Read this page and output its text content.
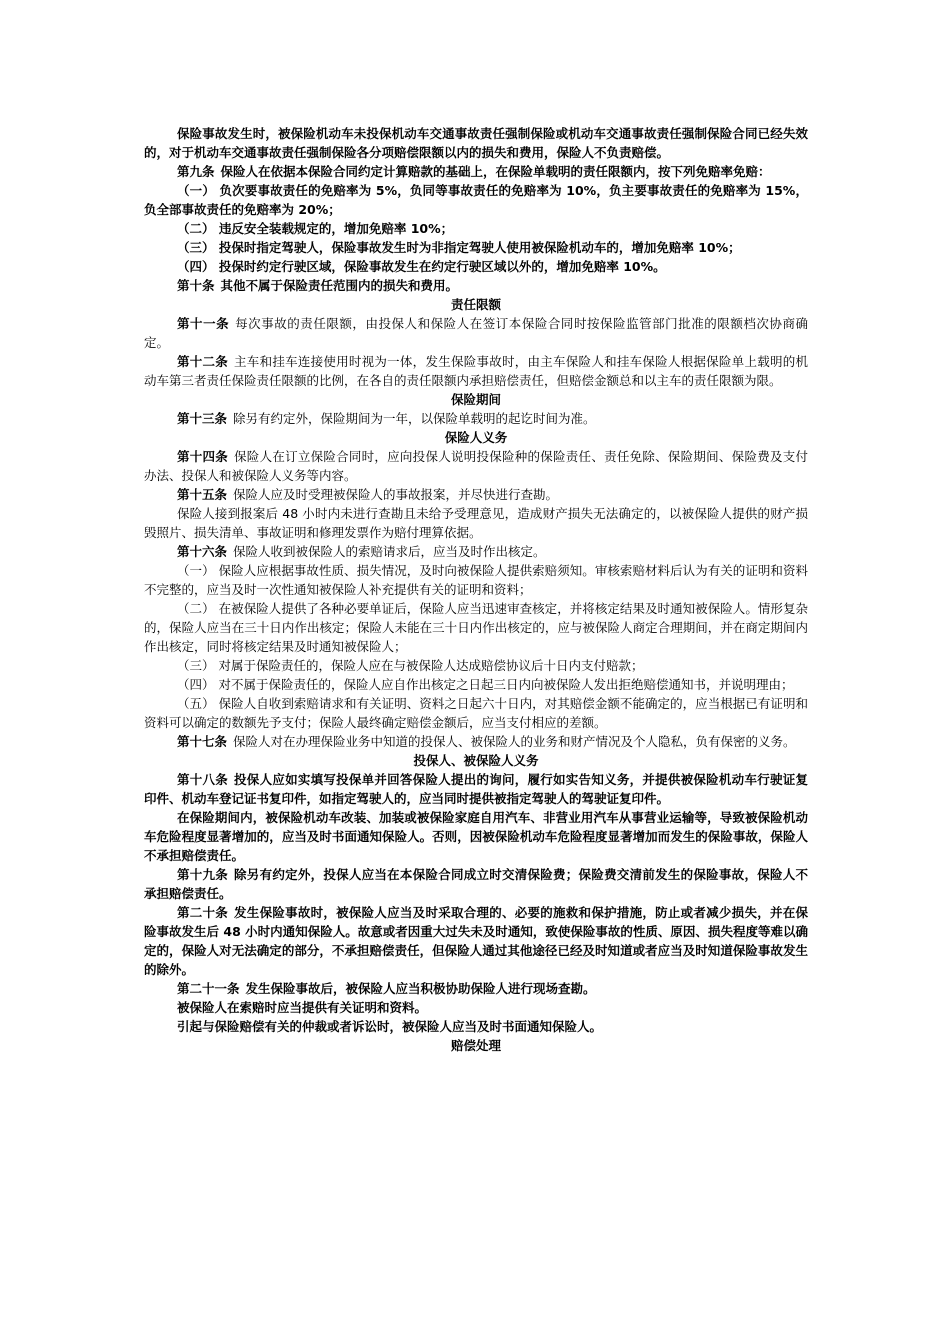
保险事故发生时，被保险机动车未投保机动车交通事故责任强制保险或机动车交通事故责任强制保险合同已经失效的，对于机动车交通事故责任强制保险各分项赔偿限额以内的损失和费用，保险人不负责赔偿。

第九条 保险人在依据本保险合同约定计算赔款的基础上，在保险单载明的责任限额内，按下列免赔率免赔：

（一） 负次要事故责任的免赔率为 5%，负同等事故责任的免赔率为 10%，负主要事故责任的免赔率为 15%，负全部事故责任的免赔率为 20%；

（二） 违反安全装载规定的，增加免赔率 10%；

（三） 投保时指定驾驶人，保险事故发生时为非指定驾驶人使用被保险机动车的，增加免赔率 10%；

（四） 投保时约定行驶区域，保险事故发生在约定行驶区域以外的，增加免赔率 10%。

第十条 其他不属于保险责任范围内的损失和费用。

责任限额

第十一条 每次事故的责任限额，由投保人和保险人在签订本保险合同时按保险监管部门批准的限额档次协商确定。

第十二条 主车和挂车连接使用时视为一体，发生保险事故时，由主车保险人和挂车保险人根据保险单上载明的机动车第三者责任保险责任限额的比例，在各自的责任限额内承担赔偿责任，但赔偿金额总和以主车的责任限额为限。

保险期间

第十三条 除另有约定外，保险期间为一年，以保险单载明的起讫时间为准。

保险人义务

第十四条 保险人在订立保险合同时，应向投保人说明投保险种的保险责任、责任免除、保险期间、保险费及支付办法、投保人和被保险人义务等内容。

第十五条 保险人应及时受理被保险人的事故报案，并尽快进行查勘。

保险人接到报案后 48 小时内未进行查勘且未给予受理意见，造成财产损失无法确定的，以被保险人提供的财产损毁照片、损失清单、事故证明和修理发票作为赔付理算依据。

第十六条 保险人收到被保险人的索赔请求后，应当及时作出核定。

（一） 保险人应根据事故性质、损失情况，及时向被保险人提供索赔须知。审核索赔材料后认为有关的证明和资料不完整的，应当及时一次性通知被保险人补充提供有关的证明和资料；

（二） 在被保险人提供了各种必要单证后，保险人应当迅速审查核定，并将核定结果及时通知被保险人。情形复杂的，保险人应当在三十日内作出核定；保险人未能在三十日内作出核定的，应与被保险人商定合理期间，并在商定期间内作出核定，同时将核定结果及时通知被保险人；

（三） 对属于保险责任的，保险人应在与被保险人达成赔偿协议后十日内支付赔款；

（四） 对不属于保险责任的，保险人应自作出核定之日起三日内向被保险人发出拒绝赔偿通知书，并说明理由；

（五） 保险人自收到索赔请求和有关证明、资料之日起六十日内，对其赔偿金额不能确定的，应当根据已有证明和资料可以确定的数额先予支付；保险人最终确定赔偿金额后，应当支付相应的差额。

第十七条 保险人对在办理保险业务中知道的投保人、被保险人的业务和财产情况及个人隐私，负有保密的义务。

投保人、被保险人义务

第十八条 投保人应如实填写投保单并回答保险人提出的询问，履行如实告知义务，并提供被保险机动车行驶证复印件、机动车登记证书复印件，如指定驾驶人的，应当同时提供被指定驾驶人的驾驶证复印件。

在保险期间内，被保险机动车改装、加装或被保险家庭自用汽车、非营业用汽车从事营业运输等，导致被保险机动车危险程度显著增加的，应当及时书面通知保险人。否则，因被保险机动车危险程度显著增加而发生的保险事故，保险人不承担赔偿责任。

第十九条 除另有约定外，投保人应当在本保险合同成立时交清保险费；保险费交清前发生的保险事故，保险人不承担赔偿责任。

第二十条 发生保险事故时，被保险人应当及时采取合理的、必要的施救和保护措施，防止或者减少损失，并在保险事故发生后 48 小时内通知保险人。故意或者因重大过失未及时通知，致使保险事故的性质、原因、损失程度等难以确定的，保险人对无法确定的部分，不承担赔偿责任，但保险人通过其他途径已经及时知道或者应当及时知道保险事故发生的除外。

第二十一条 发生保险事故后，被保险人应当积极协助保险人进行现场查勘。

被保险人在索赔时应当提供有关证明和资料。

引起与保险赔偿有关的仲裁或者诉讼时，被保险人应当及时书面通知保险人。

赔偿处理
